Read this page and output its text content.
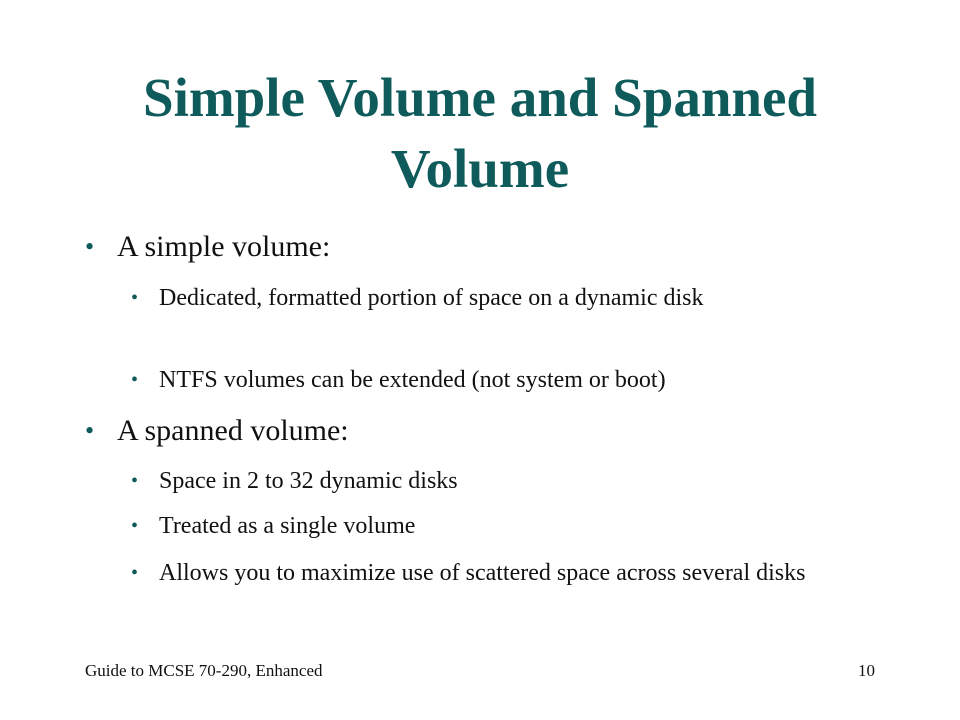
Simple Volume and Spanned Volume
• A simple volume:
• Dedicated, formatted portion of space on a dynamic disk
• NTFS volumes can be extended (not system or boot)
• A spanned volume:
• Space in 2 to 32 dynamic disks
• Treated as a single volume
• Allows you to maximize use of scattered space across several disks
Guide to MCSE 70-290, Enhanced	10
